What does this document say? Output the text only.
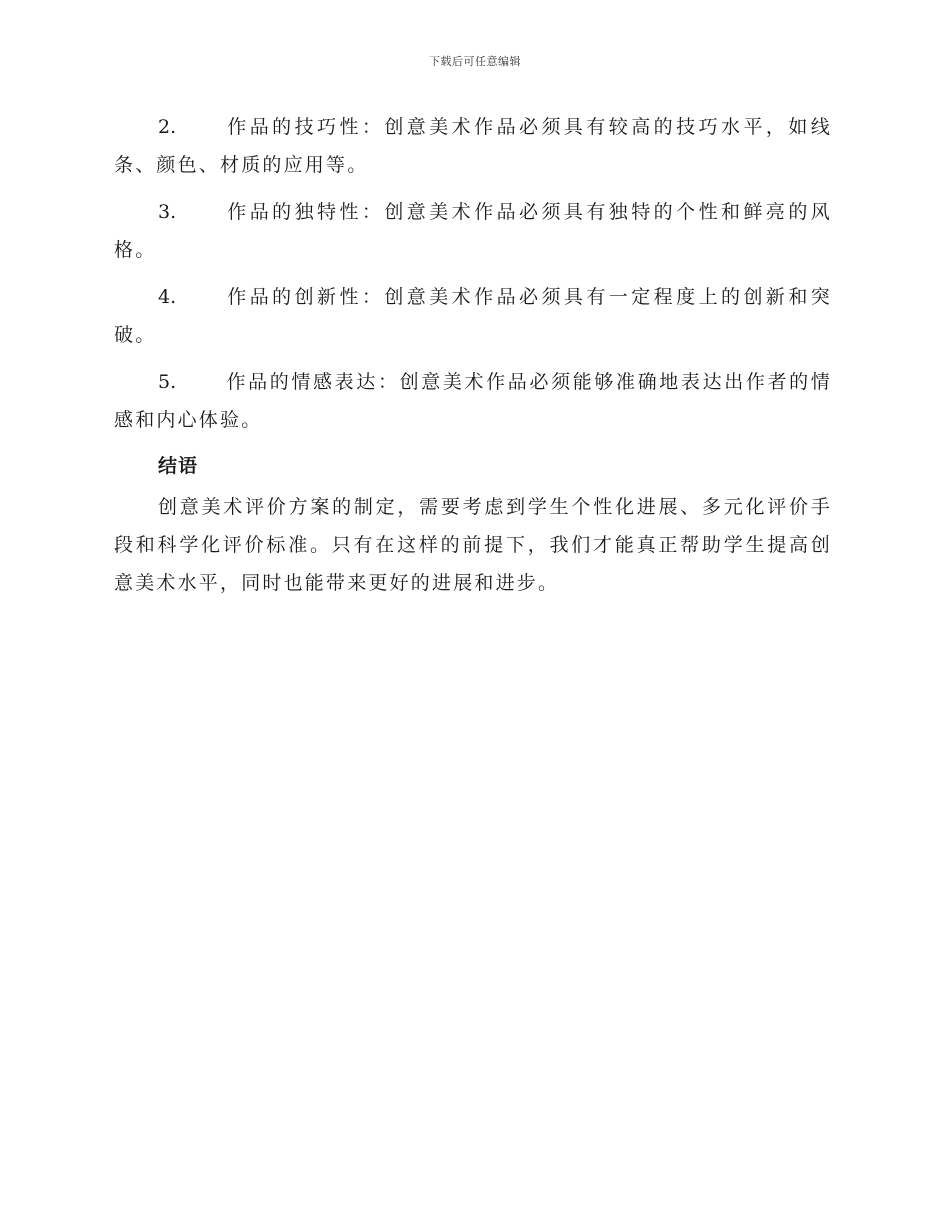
下载后可任意编辑

2.	作品的技巧性：创意美术作品必须具有较高的技巧水平，如线条、颜色、材质的应用等。

3.	作品的独特性：创意美术作品必须具有独特的个性和鲜亮的风格。

4.	作品的创新性：创意美术作品必须具有一定程度上的创新和突破。

5.	作品的情感表达：创意美术作品必须能够准确地表达出作者的情感和内心体验。

结语

创意美术评价方案的制定，需要考虑到学生个性化进展、多元化评价手段和科学化评价标准。只有在这样的前提下，我们才能真正帮助学生提高创意美术水平，同时也能带来更好的进展和进步。
